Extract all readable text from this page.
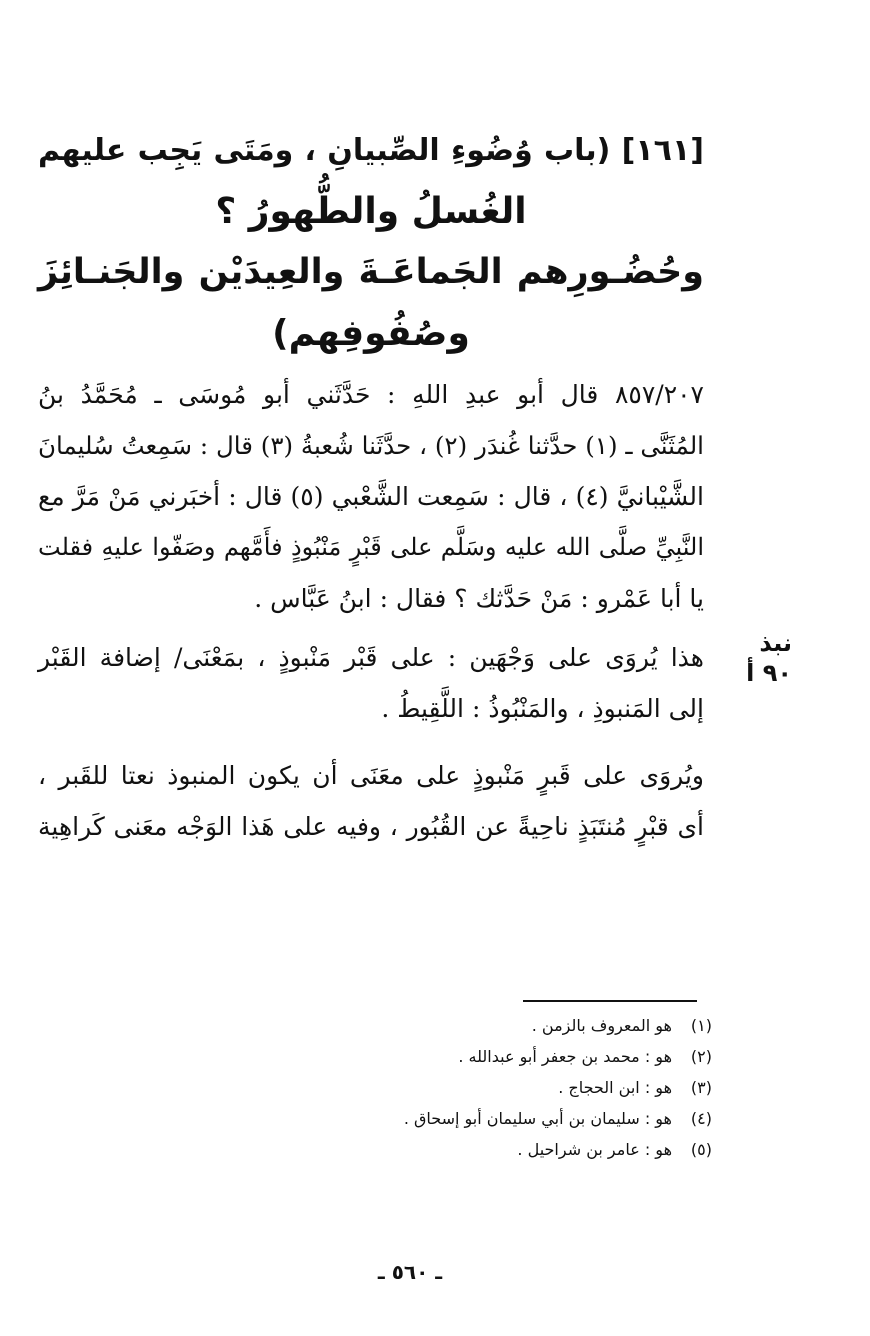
[١٦١] (باب وُضُوءِ الصِّبيانِ ، ومَتَى يَجِب عليهم
الغُسلُ والطُّهورُ ؟
وحُضُـورِهم الجَماعَـةَ والعِيدَيْن والجَنـائِزَ
وصُفُوفِهم)
٨٥٧/٢٠٧ قال أبو عبدِ اللهِ : حَدَّثَني أبو مُوسَى ـ مُحَمَّدُ بنُ
المُثَنَّى ـ (١) حدَّثنا غُندَر (٢) ، حدَّثَنا شُعبةُ (٣) قال : سَمِعتُ سُليمانَ
الشَّيْبانيَّ (٤) ، قال : سَمِعت الشَّعْبي (٥) قال : أخبَرني مَنْ مَرَّ مع
النَّبِيِّ صلَّى الله عليه وسَلَّم على قَبْرٍ مَنْبُوذٍ فأَمَّهم وصَفّوا عليهِ فقلت
يا أبا عَمْرو : مَنْ حَدَّثك ؟ فقال : ابنُ عَبَّاس .
نبذ
٩٠ أ
هذا يُروَى على وَجْهَين : على قَبْر مَنْبوذٍ ، بمَعْنَى/ إضافة القَبْر
إلى المَنبوذِ ، والمَنْبُوذُ : اللَّقِيطُ .
ويُروَى على قَبرٍ مَنْبوذٍ على معَنَى أن يكون المنبوذ نعتا للقَبر ،
أى قبْرٍ مُنتَبَذٍ ناحِيةً عن القُبُور ، وفيه على هَذا الوَجْه معَنى كَراهِية
(١)
هو المعروف بالزمن .
(٢)
هو : محمد بن جعفر أبو عبدالله .
(٣)
هو : ابن الحجاج .
(٤)
هو : سليمان بن أبي سليمان أبو إسحاق .
(٥)
هو : عامر بن شراحيل .
ـ ٥٦٠ ـ
